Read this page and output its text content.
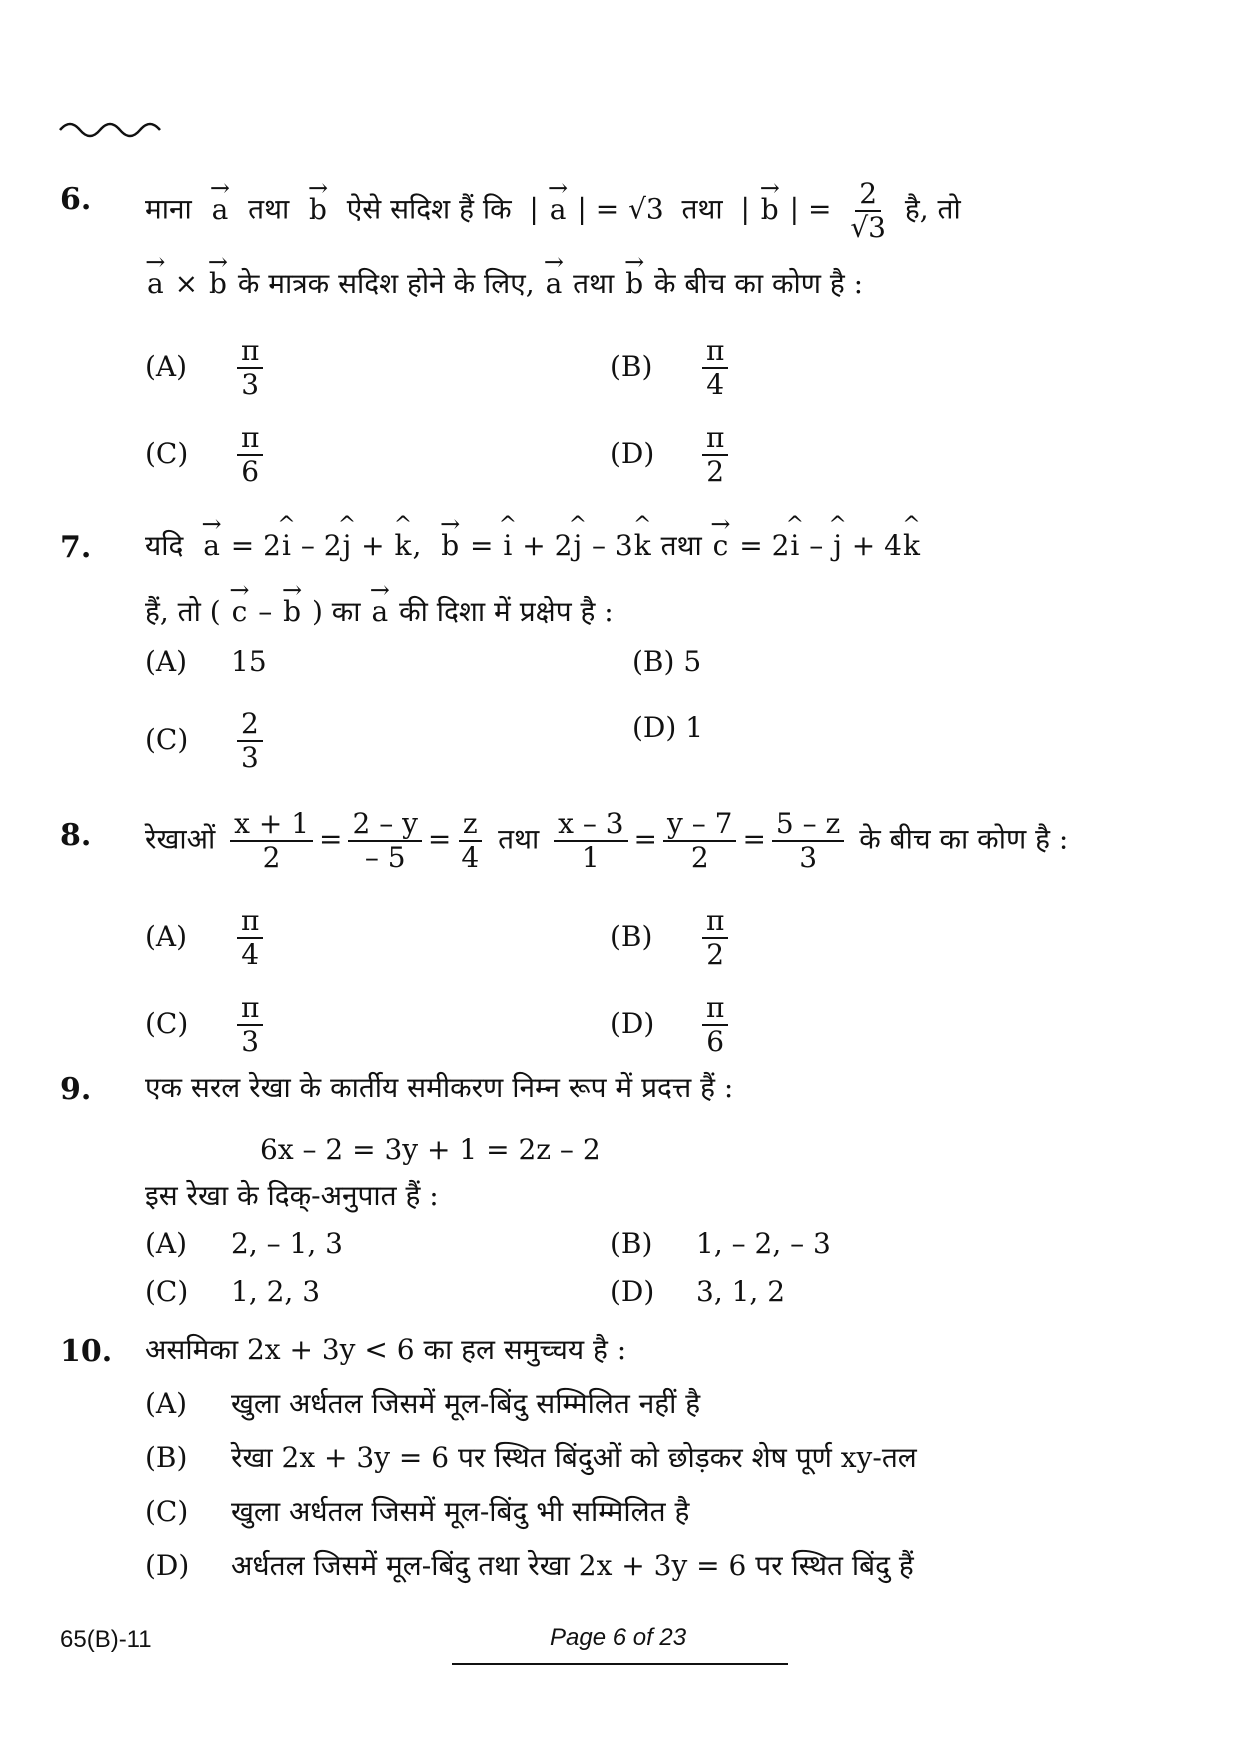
6. माना → a तथा → b ऐसे सदिश हैं कि  | → a | = √3  तथा  | → b | = $\frac{2}{√3}$ है, तो
→ a × → b के मात्रक सदिश होने के लिए, → a तथा → b के बीच का कोण है :
$(A) \frac{\pi}{3}$	$(B) \frac{\pi}{4}$
$(C) \frac{\pi}{6}$	$(D) \frac{\pi}{2}$
7. यदि → a = 2^ i – 2^ j + ^ k,  → b = ^ i + 2^ j – 3^ k तथा → c = 2^ i – ^ j + 4^ k
हैं, तो ( → c – → b ) का → a की दिशा में प्रक्षेप है :
(A) 15	(B) 5
$(C) \frac{2}{3}$	(D) 1
8. रेखाओं $\frac{x + 1}{2} = \frac{2 - y}{- 5} = \frac{z}{4}$ तथा $\frac{x - 3}{1} = \frac{y - 7}{2} = \frac{5 - z}{3}$ के बीच का कोण है :
$(A) \frac{\pi}{4}$	$(B) \frac{\pi}{2}$
$(C) \frac{\pi}{3}$	$(D) \frac{\pi}{6}$
9. एक सरल रेखा के कार्तीय समीकरण निम्न रूप में प्रदत्त हैं :
6x – 2 = 3y + 1 = 2z – 2
इस रेखा के दिक्-अनुपात हैं :
(A) 2, – 1, 3	(B) 1, – 2, – 3
(C) 1, 2, 3	(D) 3, 1, 2
10. असमिका 2x + 3y < 6 का हल समुच्चय है :
(A) खुला अर्धतल जिसमें मूल-बिंदु सम्मिलित नहीं है
(B) रेखा 2x + 3y = 6 पर स्थित बिंदुओं को छोड़कर शेष पूर्ण xy-तल
(C) खुला अर्धतल जिसमें मूल-बिंदु भी सम्मिलित है
(D) अर्धतल जिसमें मूल-बिंदु तथा रेखा 2x + 3y = 6 पर स्थित बिंदु हैं
65(B)-11	Page 6 of 23
